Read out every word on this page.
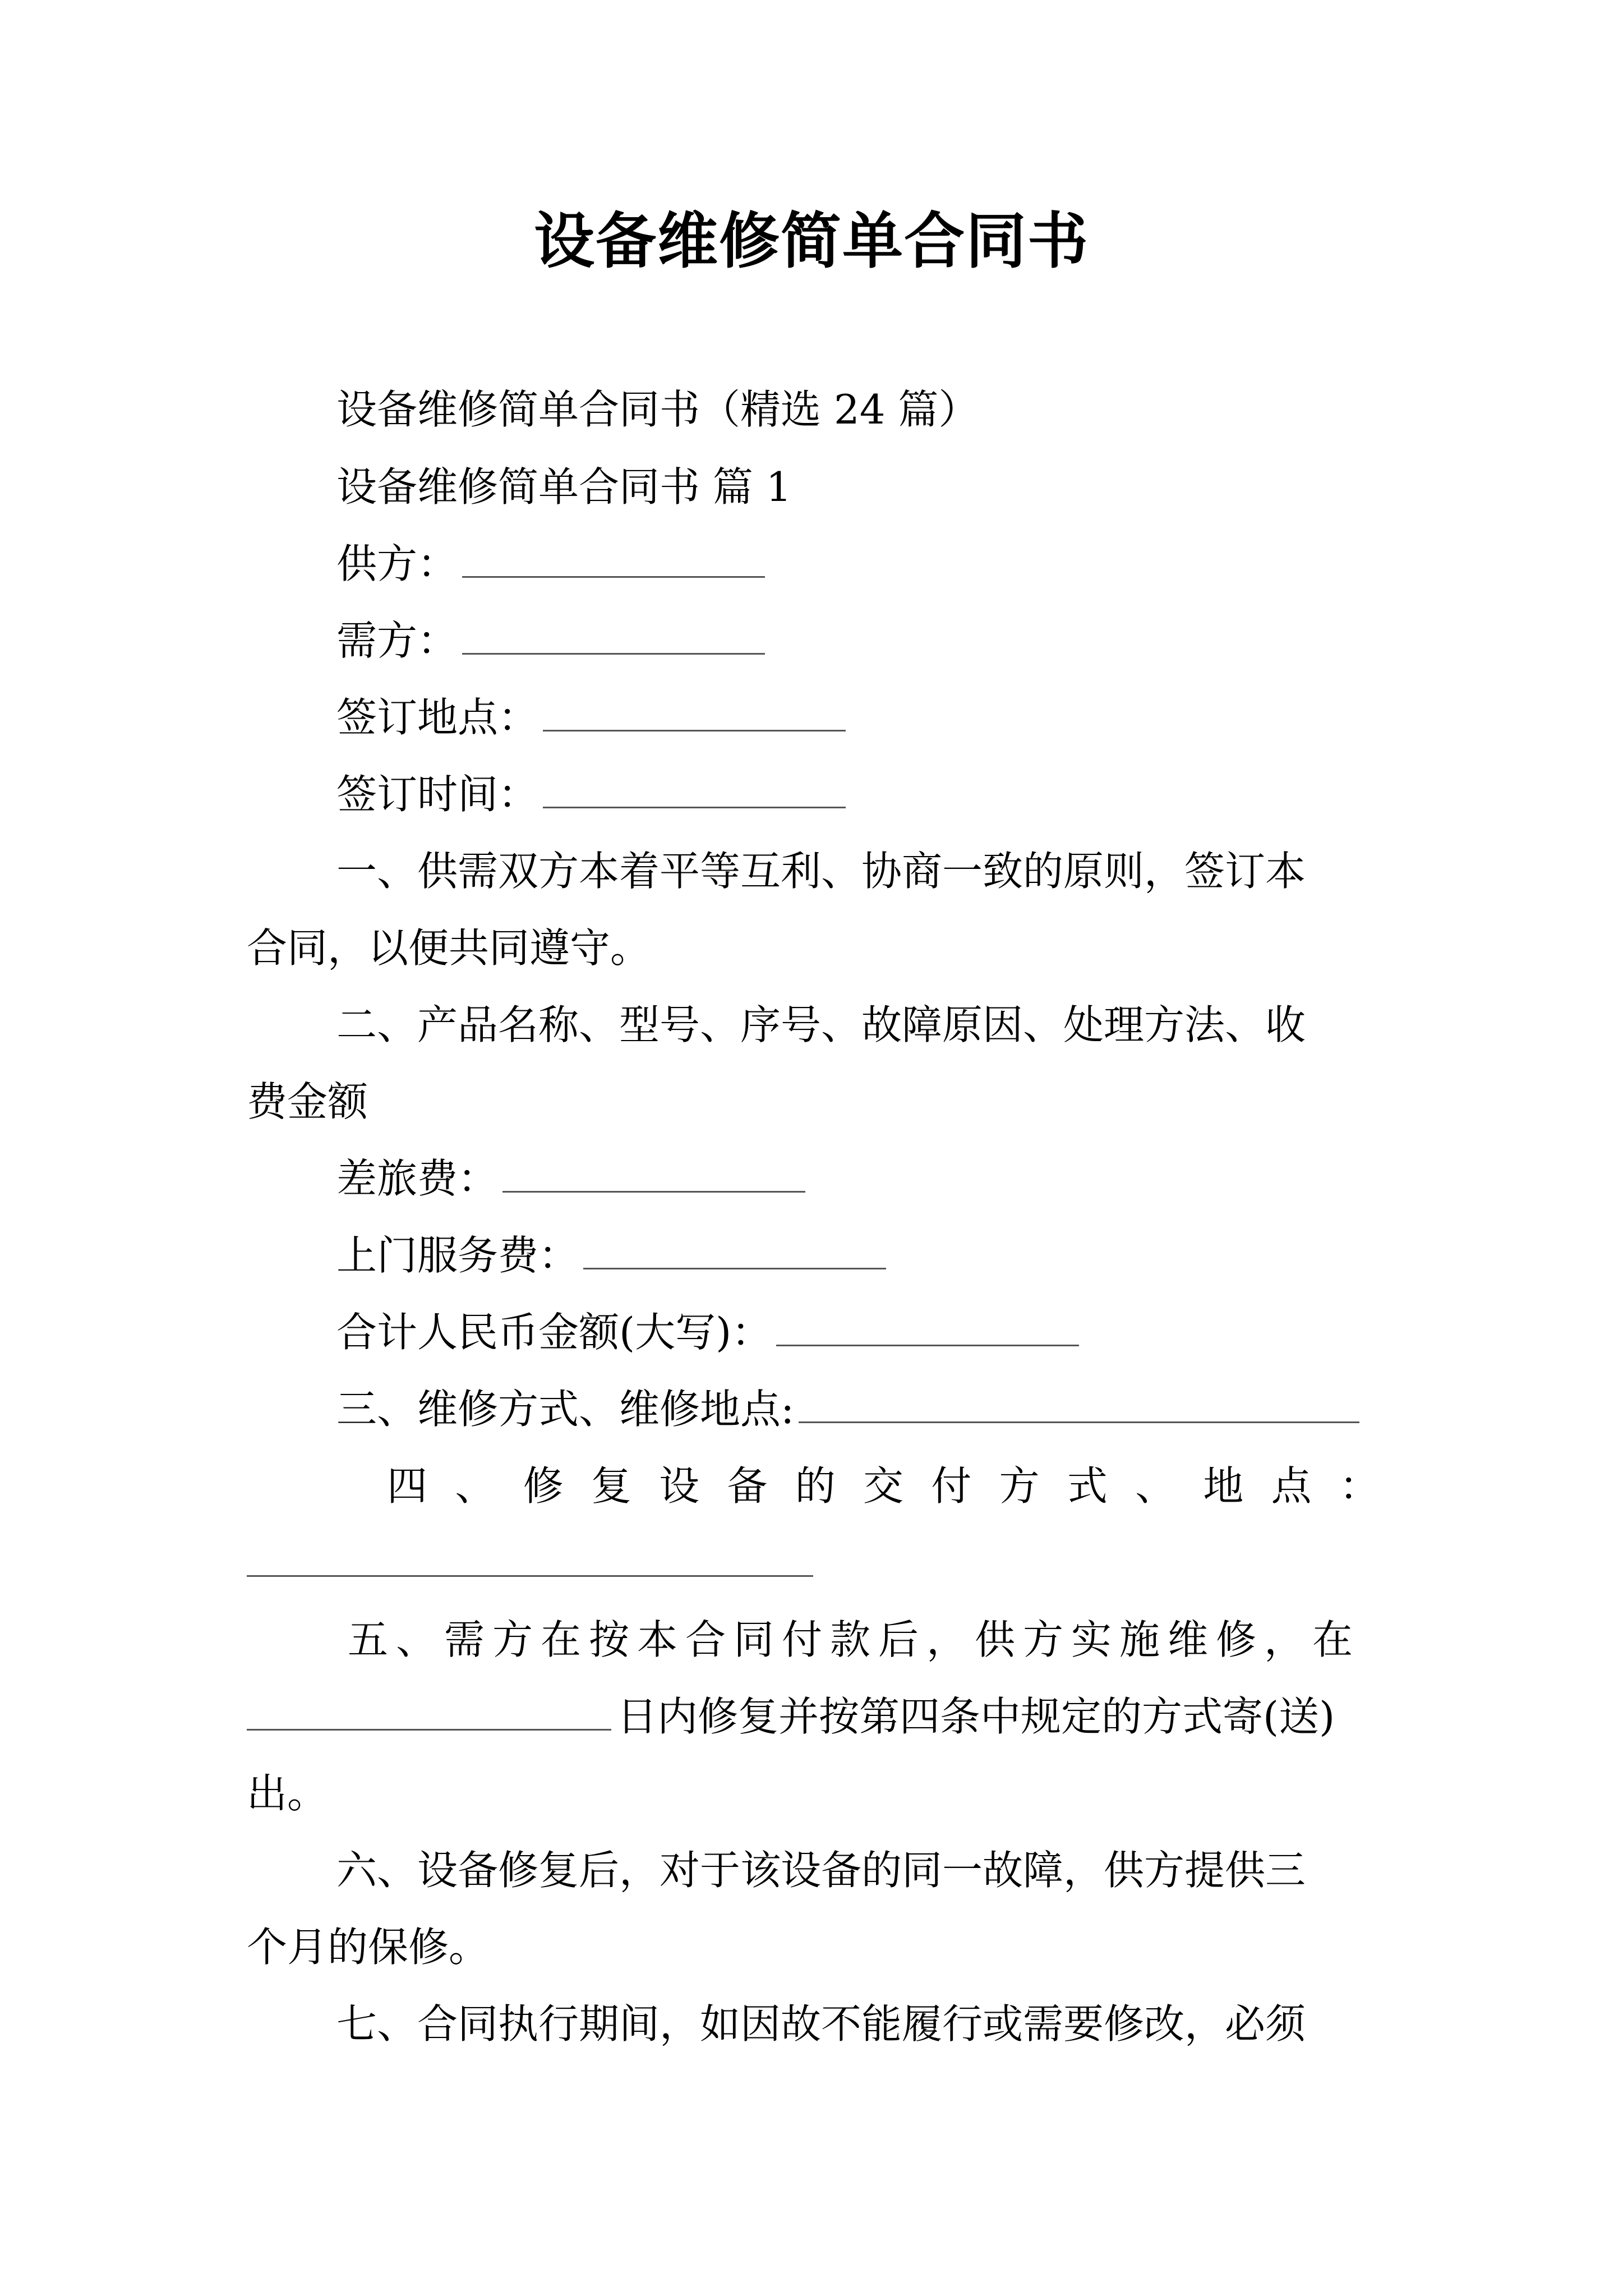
设备维修简单合同书
设备维修简单合同书（精选 24 篇）
设备维修简单合同书 篇 1
供方：
需方：
签订地点：
签订时间：
一、供需双方本着平等互利、协商一致的原则，签订本
合同，以便共同遵守。
二、产品名称、型号、序号、故障原因、处理方法、收
费金额
差旅费：
上门服务费：
合计人民币金额(大写)：
三、维修方式、维修地点:
四 、 修 复 设 备 的 交 付 方 式 、 地 点 ：
五、需方在按本合同付款后，供方实施维修，在
日内修复并按第四条中规定的方式寄(送)
出。
六、设备修复后，对于该设备的同一故障，供方提供三
个月的保修。
七、合同执行期间，如因故不能履行或需要修改，必须
